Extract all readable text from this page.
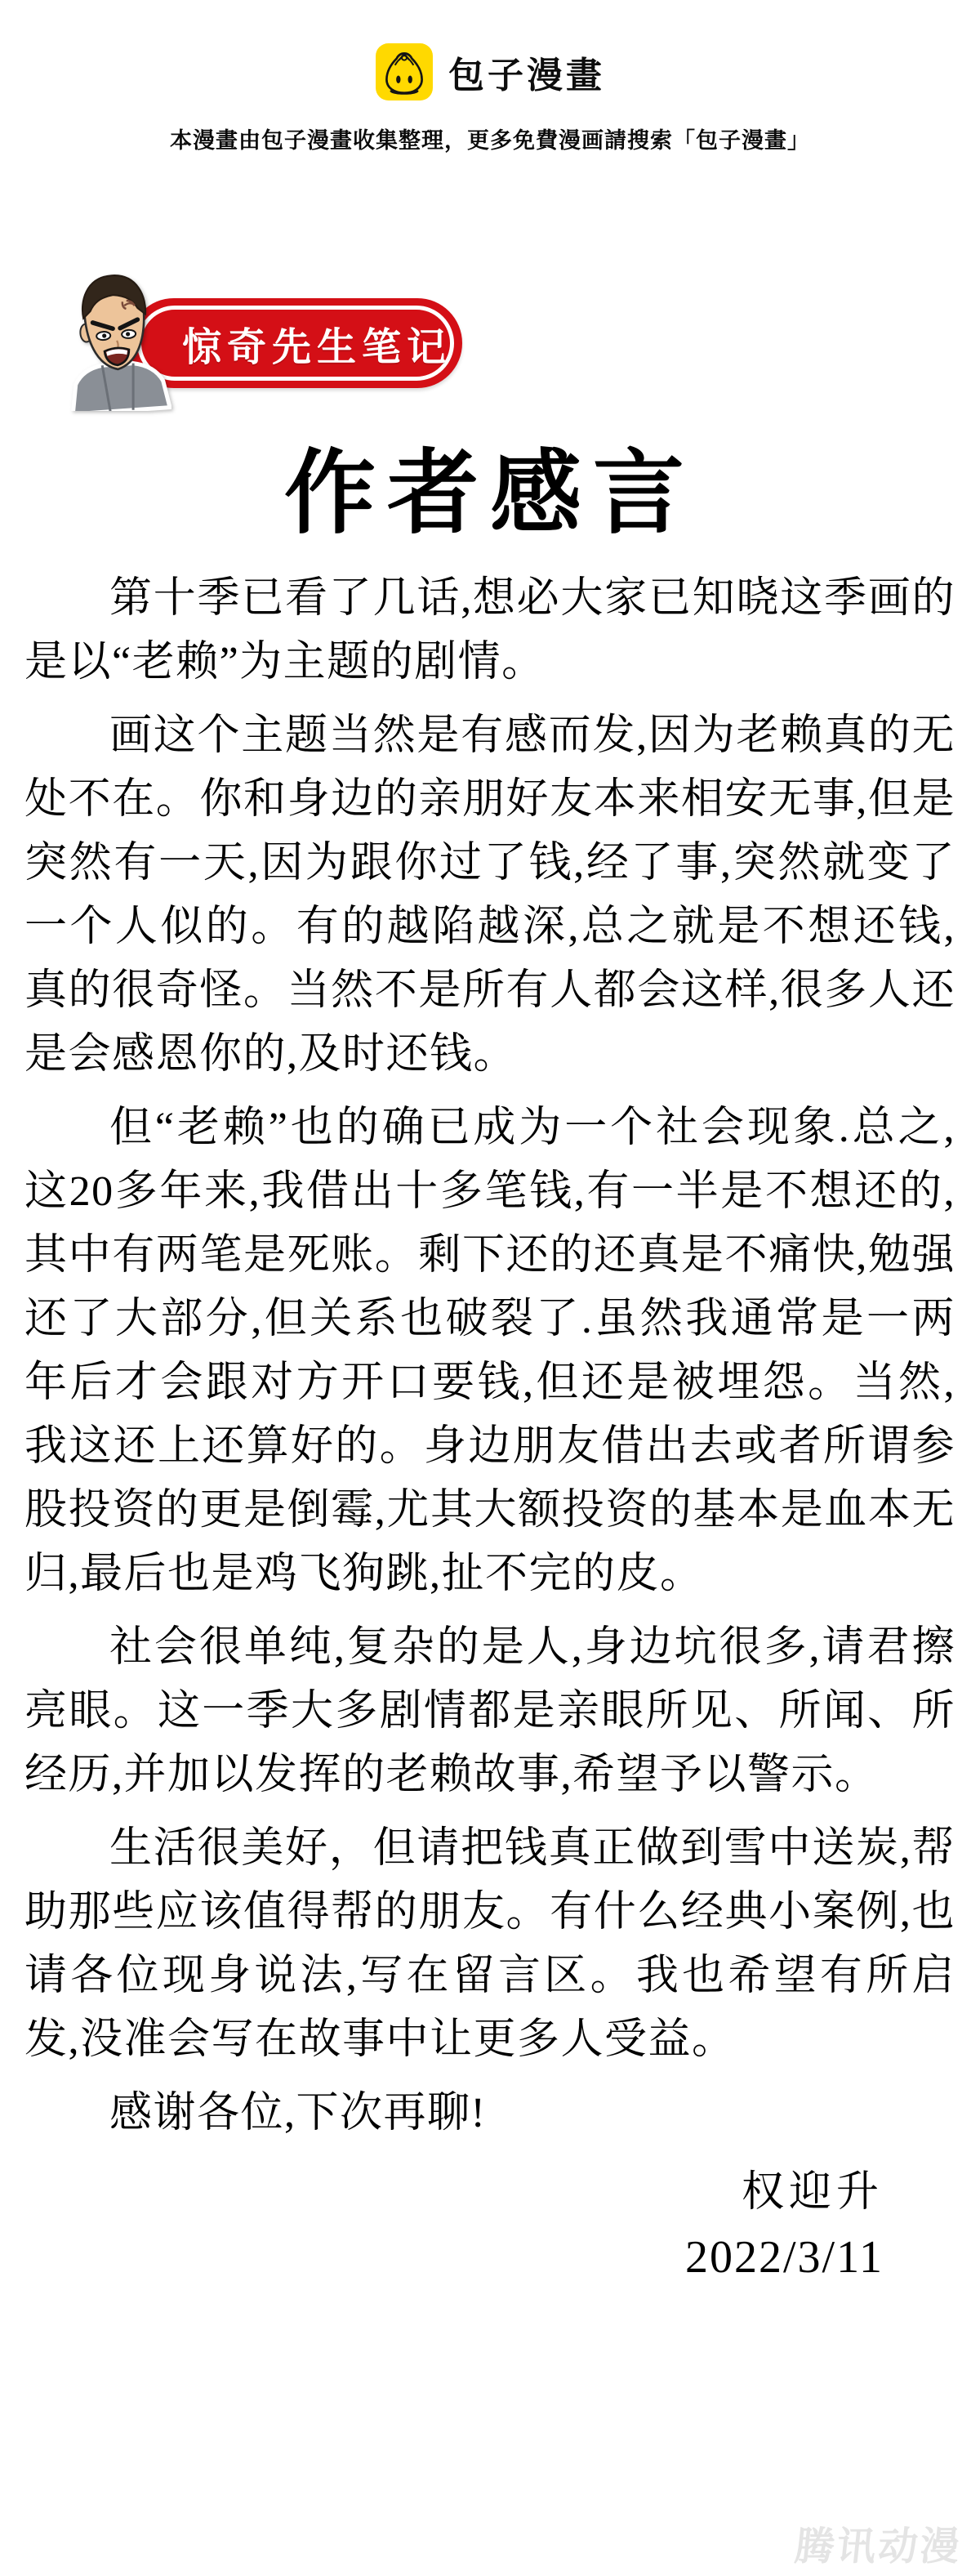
包子漫畫
本漫畫由包子漫畫收集整理，更多免費漫画請搜索「包子漫畫」
惊奇先生笔记
作者感言

第十季已看了几话,想必大家已知晓这季画的是以“老赖”为主题的剧情。

画这个主题当然是有感而发,因为老赖真的无处不在。你和身边的亲朋好友本来相安无事,但是突然有一天,因为跟你过了钱,经了事,突然就变了一个人似的。有的越陷越深,总之就是不想还钱,真的很奇怪。当然不是所有人都会这样,很多人还是会感恩你的,及时还钱。

但“老赖”也的确已成为一个社会现象.总之,这20多年来,我借出十多笔钱,有一半是不想还的,其中有两笔是死账。剩下还的还真是不痛快,勉强还了大部分,但关系也破裂了.虽然我通常是一两年后才会跟对方开口要钱,但还是被埋怨。当然,我这还上还算好的。身边朋友借出去或者所谓参股投资的更是倒霉,尤其大额投资的基本是血本无归,最后也是鸡飞狗跳,扯不完的皮。

社会很单纯,复杂的是人,身边坑很多,请君擦亮眼。这一季大多剧情都是亲眼所见、所闻、所经历,并加以发挥的老赖故事,希望予以警示。

生活很美好，但请把钱真正做到雪中送炭,帮助那些应该值得帮的朋友。有什么经典小案例,也请各位现身说法,写在留言区。我也希望有所启发,没准会写在故事中让更多人受益。

感谢各位,下次再聊!

权迎升
2022/3/11
腾讯动漫
